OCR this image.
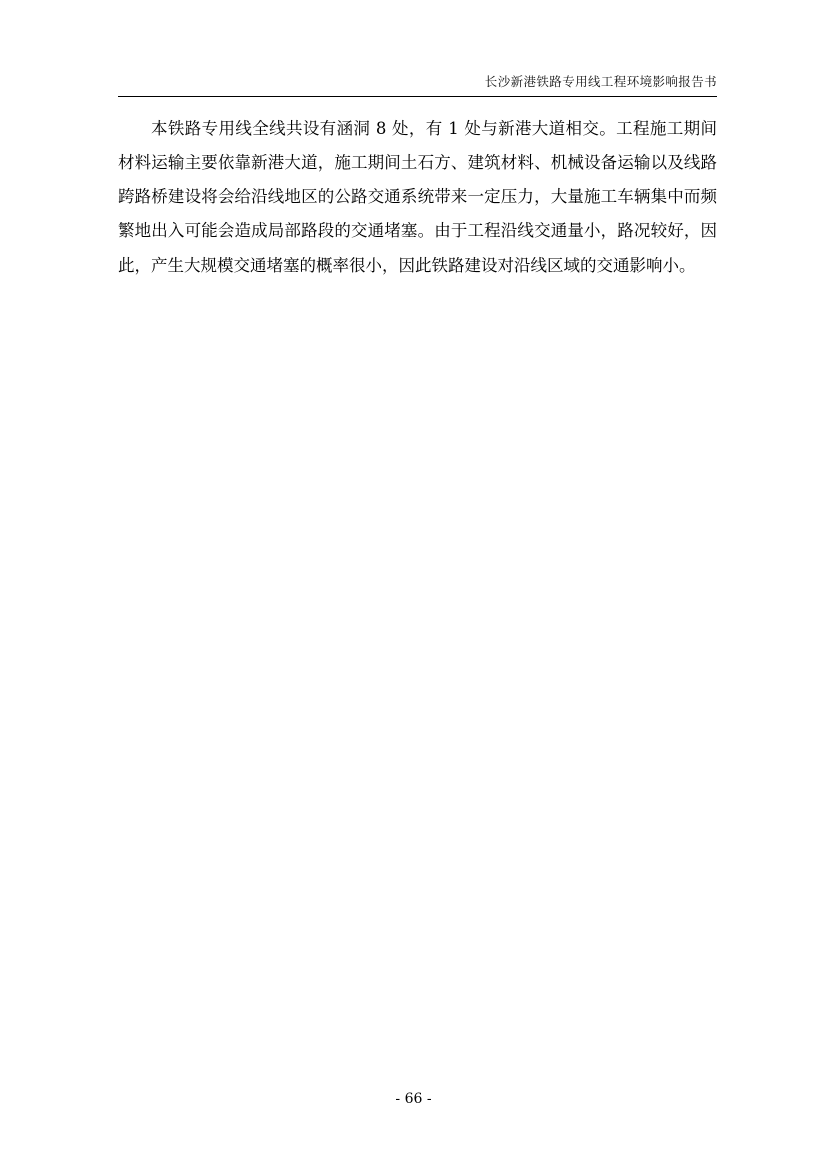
长沙新港铁路专用线工程环境影响报告书

本铁路专用线全线共设有涵洞 8 处，有 1 处与新港大道相交。工程施工期间材料运输主要依靠新港大道，施工期间土石方、建筑材料、机械设备运输以及线路跨路桥建设将会给沿线地区的公路交通系统带来一定压力，大量施工车辆集中而频繁地出入可能会造成局部路段的交通堵塞。由于工程沿线交通量小，路况较好，因此，产生大规模交通堵塞的概率很小，因此铁路建设对沿线区域的交通影响小。

- 66 -
